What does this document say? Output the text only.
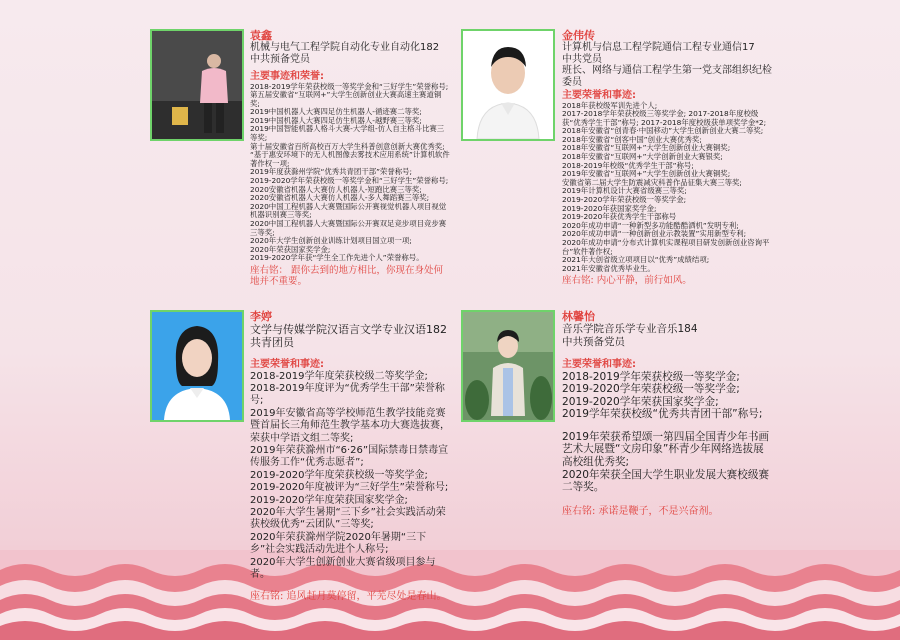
袁鑫
机械与电气工程学院自动化专业自动化182
中共预备党员
主要事迹和荣誉:
2018-2019学年荣获校级一等奖学金和“三好学生”荣誉称号;
第五届安徽省“互联网+”大学生创新创业大赛高速主赛道铜奖;
2019中国机器人大赛四足仿生机器人-循迹赛二等奖;
2019中国机器人大赛四足仿生机器人-越野赛三等奖;
2019中国智能机器人格斗大赛-大学组-仿人自主格斗比赛三等奖;
第十届安徽省百所高校百万大学生科普创意创新大赛优秀奖;
“基于惠安环境下的无人机图像去雾技术应用系统”计算机软件著作权一项;
2019年度获滁州学院“优秀共青团干部”荣誉称号;
2019-2020学年荣获校级一等奖学金和“三好学生”荣誉称号;
2020安徽省机器人大赛仿人机器人-短跑比赛三等奖;
2020安徽省机器人大赛仿人机器人-多人舞蹈赛三等奖;
2020中国工程机器人大赛暨国际公开赛视觉机器人项目视觉机器识别赛三等奖;
2020中国工程机器人大赛暨国际公开赛双足竞步项目竞步赛三等奖;
2020年大学生创新创业训练计划项目国立项一项;
2020年荣获国家奖学金;
2019-2020学年获“学生全工作先进个人”荣誉称号。
座右铭： 跟你去到的地方相比，你现在身处何地并不重要。
金伟传
计算机与信息工程学院通信工程专业通信17
中共党员
班长、网络与通信工程学生第一党支部组织纪检委员
主要荣誉和事迹:
2018年获校级军训先进个人;
2017-2018学年荣获校级三等奖学金; 2017-2018年度校级获“优秀学生干部”称号; 2017-2018年度校级获单项奖学金*2;
2018年安徽省“创青春·中国移动”大学生创新创业大赛二等奖;
2018年安徽省“创客中国”创业大赛优秀奖;
2018年安徽省“互联网+”大学生创新创业大赛铜奖;
2018年安徽省“互联网+”大学创新创业大赛银奖;
2018-2019年校级“优秀学生干部”称号;
2019年安徽省“互联网+”大学生创新创业大赛铜奖;
安徽省第二届大学生防震减灾科普作品征集大赛三等奖;
2019年计算机设计大赛省级赛三等奖;
2019-2020学年荣获校级一等奖学金;
2019-2020年获国家奖学金;
2019-2020年获优秀学生干部称号
2020年成功申请“一种新型多功能酷酷洒机”发明专利;
2020年成功申请“一种创新创业示教装置”实用新型专利;
2020年成功申请“分布式计算机实课程项目研发创新创业咨询平台”软件著作权;
2021年大创省级立项项目以“优秀”成绩结项;
2021年安徽省优秀毕业生。
座右铭: 内心平静，前行如风。
李婷
文学与传媒学院汉语言文学专业汉语182
共青团员
主要荣誉和事迹:
2018-2019学年度荣获校级二等奖学金;
2018-2019年度评为“优秀学生干部”荣誉称号;
2019年安徽省高等学校师范生教学技能竞赛暨首届长三角师范生教学基本功大赛选拔赛，荣获中学语文组二等奖;
2019年荣获滁州市“6·26”国际禁毒日禁毒宣传服务工作“优秀志愿者”;
2019-2020学年度荣获校级一等奖学金;
2019-2020年度被评为“三好学生”荣誉称号;
2019-2020学年度荣获国家奖学金;
2020年大学生暑期“三下乡”社会实践活动荣获校级优秀“云团队”三等奖;
2020年荣获滁州学院2020年暑期“三下乡”社会实践活动先进个人称号;
2020年大学生创新创业大赛省级项目参与者。
座右铭: 追风赶月莫停留，平芜尽处是春山。
林馨怡
音乐学院音乐学专业音乐184
中共预备党员
主要荣誉和事迹:
2018-2019学年荣获校级一等奖学金;
2019-2020学年荣获校级一等奖学金;
2019-2020学年荣获国家奖学金;
2019学年荣获校级“优秀共青团干部”称号;
2019年荣获希望颂一第四届全国青少年书画艺术大展暨“文房印象”杯青少年网络选拔展高校组优秀奖;
2020年荣获全国大学生职业发展大赛校级赛二等奖。
座右铭: 承诺是鞭子，不是兴奋剂。
